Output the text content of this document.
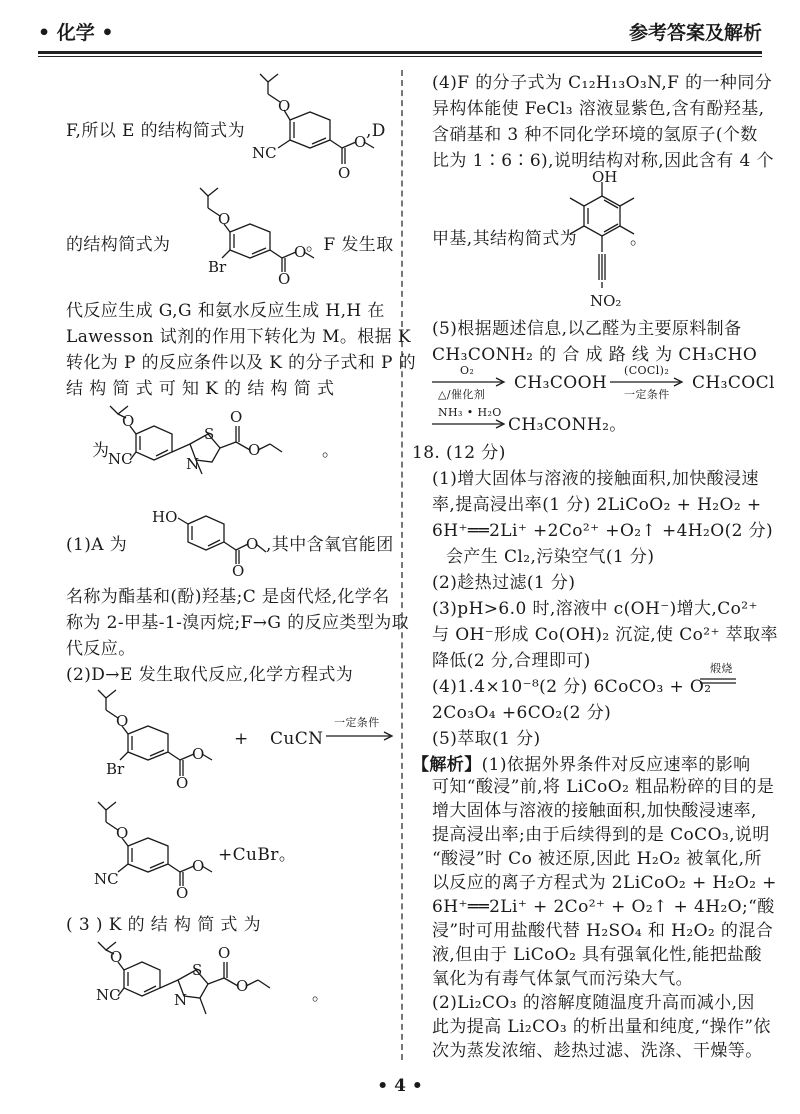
• 化学 •	参考答案及解析
F,所以 E 的结构简式为
O
NC
O
O
,D
的结构简式为
O
Br
O
O 。F 发生取
代反应生成 G,G 和氨水反应生成 H,H 在
Lawesson 试剂的作用下转化为 M。根据 K
转化为 P 的反应条件以及 K 的分子式和 P 的
结 构 简 式 可 知 K 的 结 构 简 式
为
O
NC
S
N
O
O	。
(1)A 为
HO
O
O ,其中含氧官能团
名称为酯基和(酚)羟基;C 是卤代烃,化学名
称为 2-甲基-1-溴丙烷;F→G 的反应类型为取
代反应。
(2)D→E 发生取代反应,化学方程式为
O
Br
O
O
+ CuCN
一定条件
O
NC
O
O
+CuBr。
( 3 ) K 的 结 构 简 式 为
O
NC
S
N
O
O	。
(4)F 的分子式为 C₁₂H₁₃O₃N,F 的一种同分
异构体能使 FeCl₃ 溶液显紫色,含有酚羟基,
含硝基和 3 种不同化学环境的氢原子(个数
比为 1∶6∶6),说明结构对称,因此含有 4 个
OH
NO₂
甲基,其结构简式为	。
(5)根据题述信息,以乙醛为主要原料制备
CH₃CONH₂ 的 合 成 路 线 为 CH₃CHO
O₂
△/催化剂
CH₃COOH
(COCl)₂
一定条件
CH₃COCl
NH₃ • H₂O
CH₃CONH₂。
18. (12 分)
(1)增大固体与溶液的接触面积,加快酸浸速
率,提高浸出率(1 分) 2LiCoO₂ + H₂O₂ +
6H⁺══2Li⁺ +2Co²⁺ +O₂↑ +4H₂O(2 分)
会产生 Cl₂,污染空气(1 分)
(2)趁热过滤(1 分)
(3)pH>6.0 时,溶液中 c(OH⁻)增大,Co²⁺
与 OH⁻形成 Co(OH)₂ 沉淀,使 Co²⁺ 萃取率
降低(2 分,合理即可)
(4)1.4×10⁻⁸(2 分) 6CoCO₃ + O₂
煅烧
2Co₃O₄ +6CO₂(2 分)
(5)萃取(1 分)
【解析】(1)依据外界条件对反应速率的影响
可知“酸浸”前,将 LiCoO₂ 粗品粉碎的目的是
增大固体与溶液的接触面积,加快酸浸速率,
提高浸出率;由于后续得到的是 CoCO₃,说明
“酸浸”时 Co 被还原,因此 H₂O₂ 被氧化,所
以反应的离子方程式为 2LiCoO₂ + H₂O₂ +
6H⁺══2Li⁺ + 2Co²⁺ + O₂↑ + 4H₂O;“酸
浸”时可用盐酸代替 H₂SO₄ 和 H₂O₂ 的混合
液,但由于 LiCoO₂ 具有强氧化性,能把盐酸
氧化为有毒气体氯气而污染大气。
(2)Li₂CO₃ 的溶解度随温度升高而减小,因
此为提高 Li₂CO₃ 的析出量和纯度,“操作”依
次为蒸发浓缩、趁热过滤、洗涤、干燥等。
• 4 •
